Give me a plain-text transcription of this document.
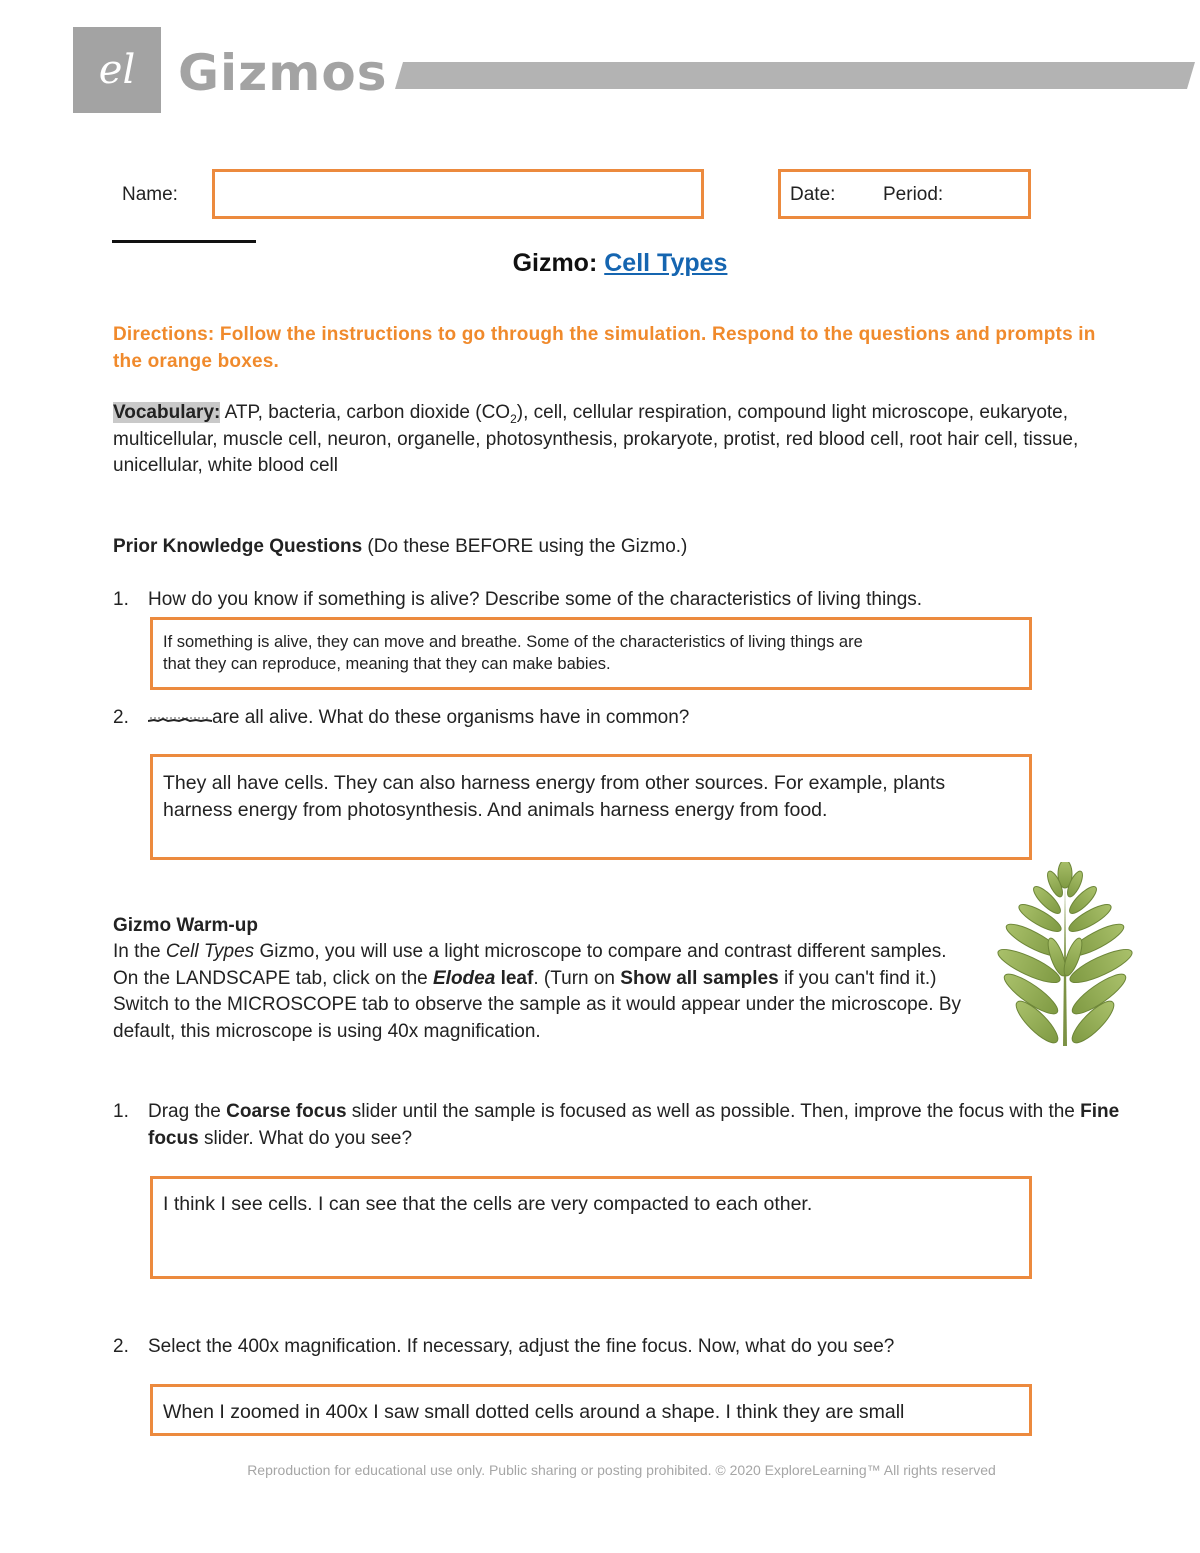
el Gizmos
Name:	Date:	Period:
Gizmo: Cell Types
Directions: Follow the instructions to go through the simulation. Respond to the questions and prompts in the orange boxes.
Vocabulary: ATP, bacteria, carbon dioxide $(CO_2)$, cell, cellular respiration, compound light microscope, eukaryote, multicellular, muscle cell, neuron, organelle, photosynthesis, prokaryote, protist, red blood cell, root hair cell, tissue, unicellular, white blood cell
Prior Knowledge Questions (Do these BEFORE using the Gizmo.)
1. How do you know if something is alive? Describe some of the characteristics of living things.
If something is alive, they can move and breathe. Some of the characteristics of living things are that they can reproduce, meaning that they can make babies.
2.	are all alive. What do these organisms have in common?
They all have cells. They can also harness energy from other sources. For example, plants harness energy from photosynthesis. And animals harness energy from food.
Gizmo Warm-up
In the Cell Types Gizmo, you will use a light microscope to compare and contrast different samples. On the LANDSCAPE tab, click on the Elodea leaf. (Turn on Show all samples if you can't find it.) Switch to the MICROSCOPE tab to observe the sample as it would appear under the microscope. By default, this microscope is using 40x magnification.
1. Drag the Coarse focus slider until the sample is focused as well as possible. Then, improve the focus with the Fine focus slider. What do you see?
I think I see cells. I can see that the cells are very compacted to each other.
2. Select the 400x magnification. If necessary, adjust the fine focus. Now, what do you see?
When I zoomed in 400x I saw small dotted cells around a shape. I think they are small
Reproduction for educational use only. Public sharing or posting prohibited. © 2020 ExploreLearning™ All rights reserved
